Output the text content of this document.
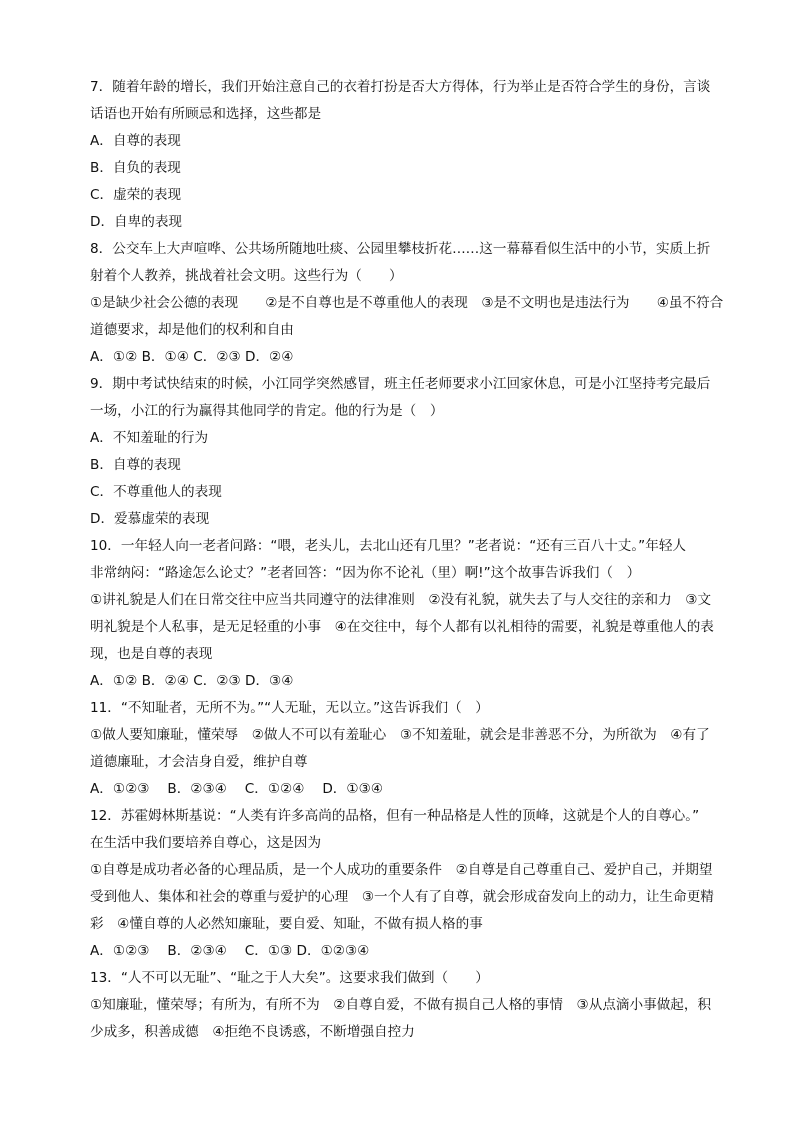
7．随着年龄的增长，我们开始注意自己的衣着打扮是否大方得体，行为举止是否符合学生的身份，言谈
话语也开始有所顾忌和选择，这些都是
A．自尊的表现
B．自负的表现
C．虚荣的表现
D．自卑的表现
8．公交车上大声喧哗、公共场所随地吐痰、公园里攀枝折花……这一幕幕看似生活中的小节，实质上折
射着个人教养，挑战着社会文明。这些行为（　　）
①是缺少社会公德的表现　　②是不自尊也是不尊重他人的表现　③是不文明也是违法行为　　④虽不符合
道德要求，却是他们的权利和自由
A．①② B．①④ C．②③ D．②④
9．期中考试快结束的时候，小江同学突然感冒，班主任老师要求小江回家休息，可是小江坚持考完最后
一场，小江的行为赢得其他同学的肯定。他的行为是（　）
A．不知羞耻的行为
B．自尊的表现
C．不尊重他人的表现
D．爱慕虚荣的表现
10．一年轻人向一老者问路：“喂，老头儿，去北山还有几里？”老者说：“还有三百八十丈。”年轻人
非常纳闷：“路途怎么论丈？”老者回答：“因为你不论礼（里）啊!”这个故事告诉我们（　）
①讲礼貌是人们在日常交往中应当共同遵守的法律准则　②没有礼貌，就失去了与人交往的亲和力　③文
明礼貌是个人私事，是无足轻重的小事　④在交往中，每个人都有以礼相待的需要，礼貌是尊重他人的表
现，也是自尊的表现
A．①② B．②④ C．②③ D．③④
11．“不知耻者，无所不为。”“人无耻，无以立。”这告诉我们（　）
①做人要知廉耻，懂荣辱　②做人不可以有羞耻心　③不知羞耻，就会是非善恶不分，为所欲为　④有了
道德廉耻，才会洁身自爱，维护自尊
A．①②③　 B．②③④　 C．①②④　 D．①③④
12．苏霍姆林斯基说：“人类有许多高尚的品格，但有一种品格是人性的顶峰，这就是个人的自尊心。”
在生活中我们要培养自尊心，这是因为
①自尊是成功者必备的心理品质，是一个人成功的重要条件　②自尊是自己尊重自己、爱护自己，并期望
受到他人、集体和社会的尊重与爱护的心理　③一个人有了自尊，就会形成奋发向上的动力，让生命更精
彩　④懂自尊的人必然知廉耻，要自爱、知耻，不做有损人格的事
A．①②③　 B．②③④　 C．①③ D．①②③④
13．“人不可以无耻”、“耻之于人大矣”。这要求我们做到（　　）
①知廉耻，懂荣辱；有所为，有所不为　②自尊自爱，不做有损自己人格的事情　③从点滴小事做起，积
少成多，积善成德　④拒绝不良诱惑，不断增强自控力
